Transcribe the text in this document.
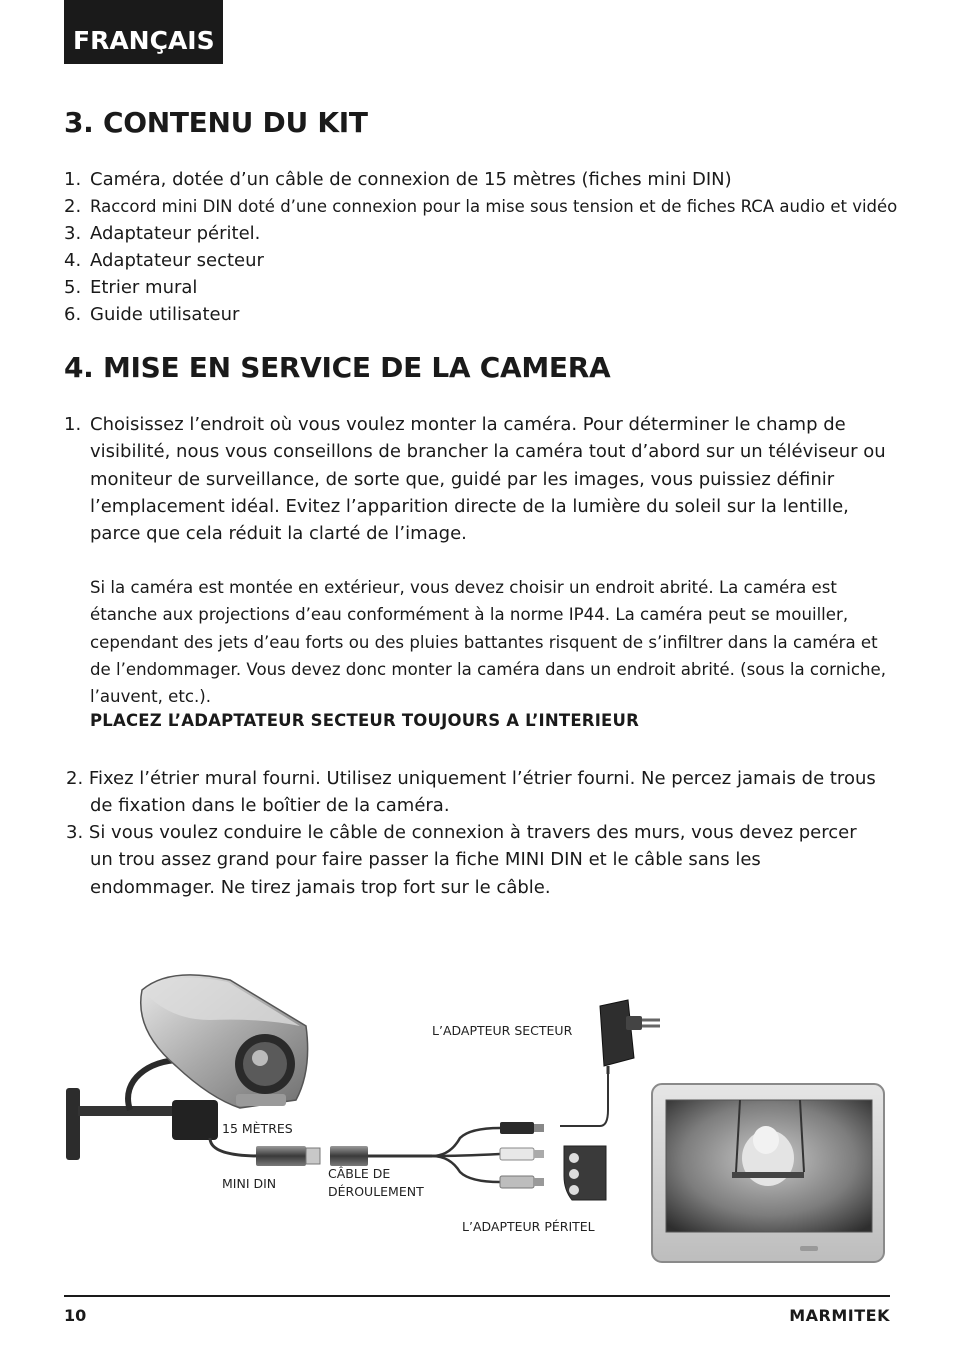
FRANÇAIS
3. CONTENU DU KIT
1. Caméra, dotée d’un câble de connexion de 15 mètres (fiches mini DIN)
2. Raccord mini DIN doté d’une connexion pour la mise sous tension et de fiches RCA audio et vidéo
3. Adaptateur péritel.
4. Adaptateur secteur
5. Etrier mural
6. Guide utilisateur
4. MISE EN SERVICE DE LA CAMERA
1. Choisissez l’endroit où vous voulez monter la caméra. Pour déterminer le champ de visibilité, nous vous conseillons de brancher la caméra tout d’abord sur un téléviseur ou moniteur de surveillance, de sorte que, guidé par les images, vous puissiez définir l’emplacement idéal. Evitez l’apparition directe de la lumière du soleil sur la lentille, parce que cela réduit la clarté de l’image.

Si la caméra est montée en extérieur, vous devez choisir un endroit abrité. La caméra est étanche aux projections d’eau conformément à la norme IP44. La caméra peut se mouiller, cependant des jets d’eau forts ou des pluies battantes risquent de s’infiltrer dans la caméra et de l’endommager. Vous devez donc monter la caméra dans un endroit abrité. (sous la corniche, l’auvent, etc.).

PLACEZ L’ADAPTATEUR SECTEUR TOUJOURS A L’INTERIEUR

2. Fixez l’étrier mural fourni. Utilisez uniquement l’étrier fourni. Ne percez jamais de trous de fixation dans le boîtier de la caméra.

3. Si vous voulez conduire le câble de connexion à travers des murs, vous devez percer un trou assez grand pour faire passer la fiche MINI DIN et le câble sans les endommager. Ne tirez jamais trop fort sur le câble.

L’ADAPTEUR SECTEUR
15 MÈTRES
MINI DIN
CÂBLE DE
DÉROULEMENT
L’ADAPTEUR PÉRITEL
10	MARMITEK
